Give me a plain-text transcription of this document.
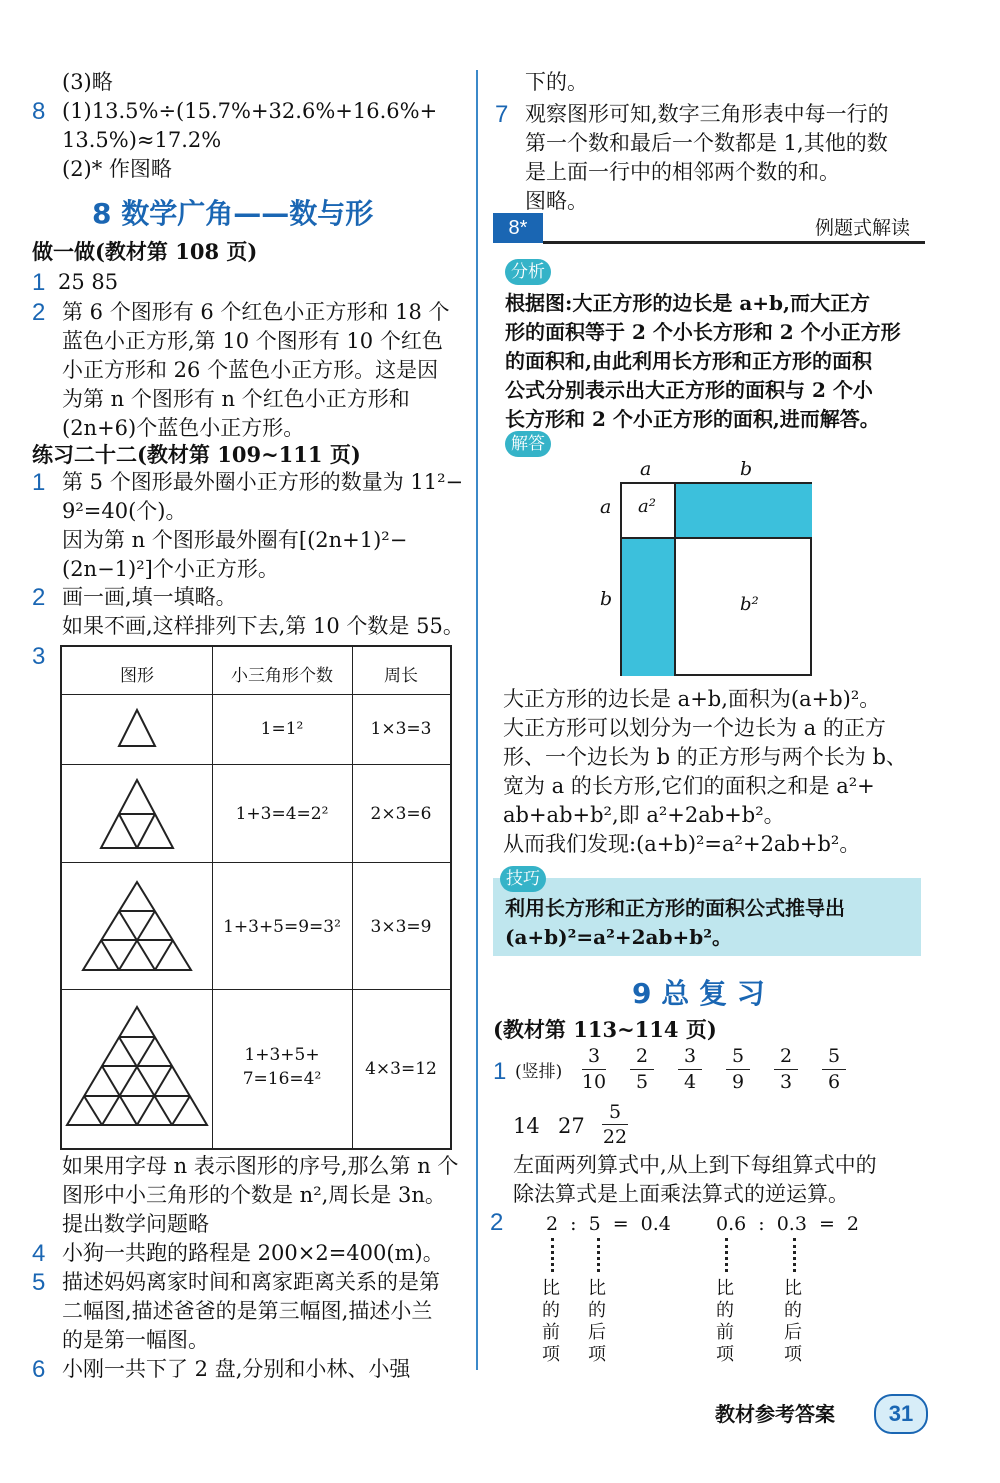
(3)略
8 (1)13.5%÷(15.7%+32.6%+16.6%+
13.5%)≈17.2%
(2)* 作图略
8 数学广角——数与形
做一做(教材第 108 页)
1 25 85
2 第 6 个图形有 6 个红色小正方形和 18 个
蓝色小正方形,第 10 个图形有 10 个红色
小正方形和 26 个蓝色小正方形。这是因
为第 n 个图形有 n 个红色小正方形和
(2n+6)个蓝色小正方形。
练习二十二(教材第 109~111 页)
1 第 5 个图形最外圈小正方形的数量为 11²−
9²=40(个)。
因为第 n 个图形最外圈有[(2n+1)²−
(2n−1)²]个小正方形。
2 画一画,填一填略。
如果不画,这样排列下去,第 10 个数是 55。
3
图形	小三角形个数	周长
1=1²	1×3=3
1+3=4=2²	2×3=6
1+3+5=9=3²	3×3=9
1+3+5+
7=16=4²	4×3=12
如果用字母 n 表示图形的序号,那么第 n 个
图形中小三角形的个数是 n²,周长是 3n。
提出数学问题略
4 小狗一共跑的路程是 200×2=400(m)。
5 描述妈妈离家时间和离家距离关系的是第
二幅图,描述爸爸的是第三幅图,描述小兰
的是第一幅图。
6 小刚一共下了 2 盘,分别和小林、小强
下的。
7 观察图形可知,数字三角形表中每一行的
第一个数和最后一个数都是 1,其他的数
是上面一行中的相邻两个数的和。
图略。
8*	例题式解读
分析
根据图:大正方形的边长是 a+b,而大正方
形的面积等于 2 个小长方形和 2 个小正方形
的面积和,由此利用长方形和正方形的面积
公式分别表示出大正方形的面积与 2 个小
长方形和 2 个小正方形的面积,进而解答。
解答
a²
b²
a	b
a
b
大正方形的边长是 a+b,面积为(a+b)²。
大正方形可以划分为一个边长为 a 的正方
形、一个边长为 b 的正方形与两个长为 b、
宽为 a 的长方形,它们的面积之和是 a²+
ab+ab+b²,即 a²+2ab+b²。
从而我们发现:(a+b)²=a²+2ab+b²。
技巧
利用长方形和正方形的面积公式推导出
(a+b)²=a²+2ab+b²。
9 总 复 习
(教材第 113~114 页)
1 (竖排)
3
10
2
5
3
4
5
9
2
3
5
6
14 27
5
22
左面两列算式中,从上到下每组算式中的
除法算式是上面乘法算式的逆运算。
2 2 : 5 = 0.4 0.6 : 0.3 = 2
比的前项
比的后项
比的前项
比的后项
教材参考答案	31
